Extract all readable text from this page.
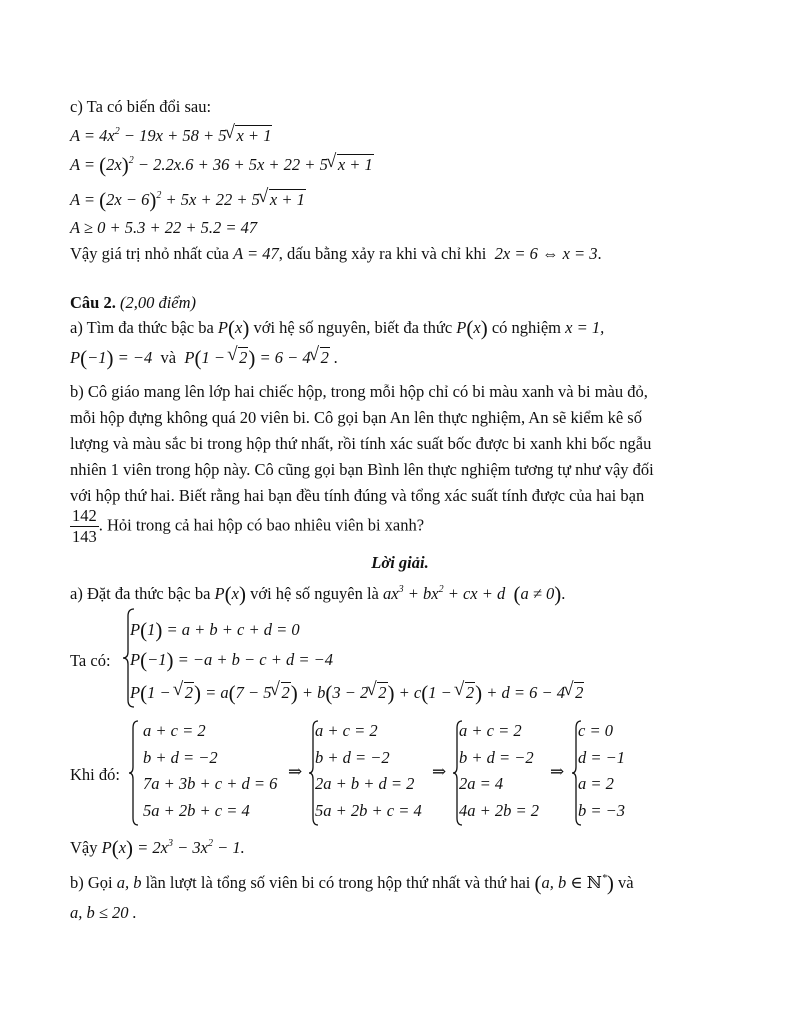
c) Ta có biến đổi sau:
$A = 4x^2 - 19x + 58 + 5√$ x + 1
$A = (2x)^2 - 2.2x.6 + 36 + 5x + 22 + 5√$ x + 1
$A = (2x - 6)^2 + 5x + 22 + 5√$ x + 1
A ≥ 0 + 5.3 + 22 + 5.2 = 47
Vậy giá trị nhỏ nhất của A = 47, dấu bằng xảy ra khi và chỉ khi 2x = 6 ⇔ x = 3.
Câu 2. (2,00 điểm)
a) Tìm đa thức bậc ba P(x) với hệ số nguyên, biết đa thức P(x) có nghiệm x = 1,
P(−1) = −4  và  P(1 − √ 2) = 6 − 4√ 2 .
b) Cô giáo mang lên lớp hai chiếc hộp, trong mỗi hộp chỉ có bi màu xanh và bi màu đỏ,
mỗi hộp đựng không quá 20 viên bi. Cô gọi bạn An lên thực nghiệm, An sẽ kiểm kê số
lượng và màu sắc bi trong hộp thứ nhất, rồi tính xác suất bốc được bi xanh khi bốc ngẫu
nhiên 1 viên trong hộp này. Cô cũng gọi bạn Bình lên thực nghiệm tương tự như vậy đối
với hộp thứ hai. Biết rằng hai bạn đều tính đúng và tổng xác suất tính được của hai bạn
$\frac{142}{143}$ . Hỏi trong cả hai hộp có bao nhiêu viên bi xanh?
Lời giải.
a) Đặt đa thức bậc ba P(x) với hệ số nguyên là $ax^3 + bx^2$ + cx + d  (a ≠ 0).
Ta có:
P(1) = a + b + c + d = 0
P(−1) = −a + b − c + d = −4
P(1 − √ 2) = a(7 − 5√ 2) + b(3 − 2√ 2) + c(1 − √ 2) + d = 6 − 4√ 2
Khi đó:
a + c = 2
b + d = −2
7a + 3b + c + d = 6
5a + 2b + c = 4
⇒
a + c = 2
b + d = −2
2a + b + d = 2
5a + 2b + c = 4
⇒
a + c = 2
b + d = −2
2a = 4
4a + 2b = 2
⇒
c = 0
d = −1
a = 2
b = −3
Vậy $P(x) = 2x^3 - 3x^2 - 1$.
b) Gọi a, b lần lượt là tổng số viên bi có trong hộp thứ nhất và thứ hai (a, b ∈ ℕ*) và
a, b ≤ 20 .
